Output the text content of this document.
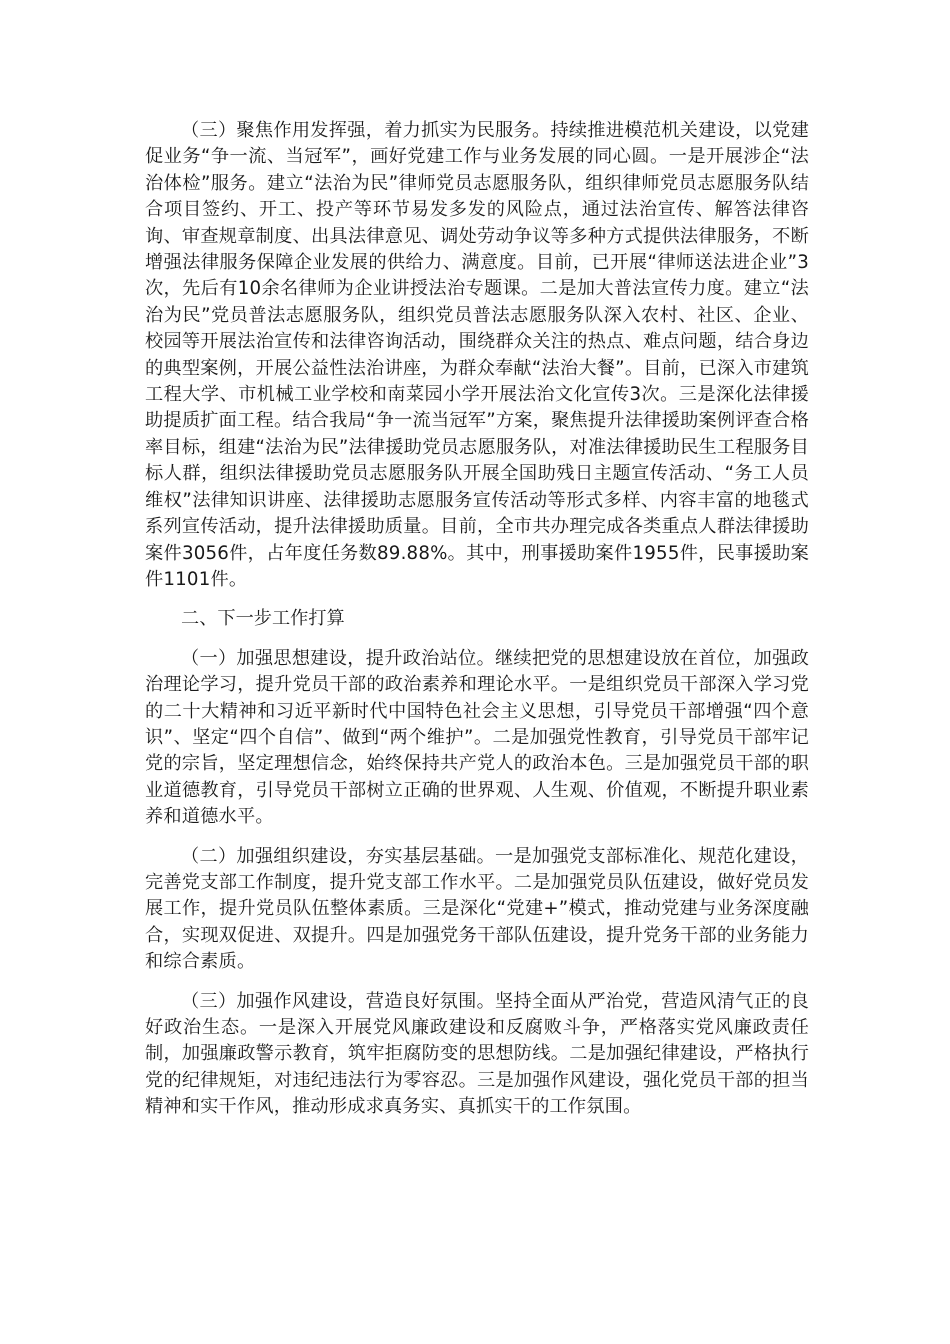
（三）聚焦作用发挥强，着力抓实为民服务。持续推进模范机关建设，以党建促业务“争一流、当冠军”，画好党建工作与业务发展的同心圆。一是开展涉企“法治体检”服务。建立“法治为民”律师党员志愿服务队，组织律师党员志愿服务队结合项目签约、开工、投产等环节易发多发的风险点，通过法治宣传、解答法律咨询、审查规章制度、出具法律意见、调处劳动争议等多种方式提供法律服务，不断增强法律服务保障企业发展的供给力、满意度。目前，已开展“律师送法进企业”3次，先后有10余名律师为企业讲授法治专题课。二是加大普法宣传力度。建立“法治为民”党员普法志愿服务队，组织党员普法志愿服务队深入农村、社区、企业、校园等开展法治宣传和法律咨询活动，围绕群众关注的热点、难点问题，结合身边的典型案例，开展公益性法治讲座，为群众奉献“法治大餐”。目前，已深入市建筑工程大学、市机械工业学校和南菜园小学开展法治文化宣传3次。三是深化法律援助提质扩面工程。结合我局“争一流当冠军”方案，聚焦提升法律援助案例评查合格率目标，组建“法治为民”法律援助党员志愿服务队，对准法律援助民生工程服务目标人群，组织法律援助党员志愿服务队开展全国助残日主题宣传活动、“务工人员维权”法律知识讲座、法律援助志愿服务宣传活动等形式多样、内容丰富的地毯式系列宣传活动，提升法律援助质量。目前，全市共办理完成各类重点人群法律援助案件3056件，占年度任务数89.88%。其中，刑事援助案件1955件，民事援助案件1101件。

二、下一步工作打算

（一）加强思想建设，提升政治站位。继续把党的思想建设放在首位，加强政治理论学习，提升党员干部的政治素养和理论水平。一是组织党员干部深入学习党的二十大精神和习近平新时代中国特色社会主义思想，引导党员干部增强“四个意识”、坚定“四个自信”、做到“两个维护”。二是加强党性教育，引导党员干部牢记党的宗旨，坚定理想信念，始终保持共产党人的政治本色。三是加强党员干部的职业道德教育，引导党员干部树立正确的世界观、人生观、价值观，不断提升职业素养和道德水平。

（二）加强组织建设，夯实基层基础。一是加强党支部标准化、规范化建设，完善党支部工作制度，提升党支部工作水平。二是加强党员队伍建设，做好党员发展工作，提升党员队伍整体素质。三是深化“党建+”模式，推动党建与业务深度融合，实现双促进、双提升。四是加强党务干部队伍建设，提升党务干部的业务能力和综合素质。

（三）加强作风建设，营造良好氛围。坚持全面从严治党，营造风清气正的良好政治生态。一是深入开展党风廉政建设和反腐败斗争，严格落实党风廉政责任制，加强廉政警示教育，筑牢拒腐防变的思想防线。二是加强纪律建设，严格执行党的纪律规矩，对违纪违法行为零容忍。三是加强作风建设，强化党员干部的担当精神和实干作风，推动形成求真务实、真抓实干的工作氛围。
